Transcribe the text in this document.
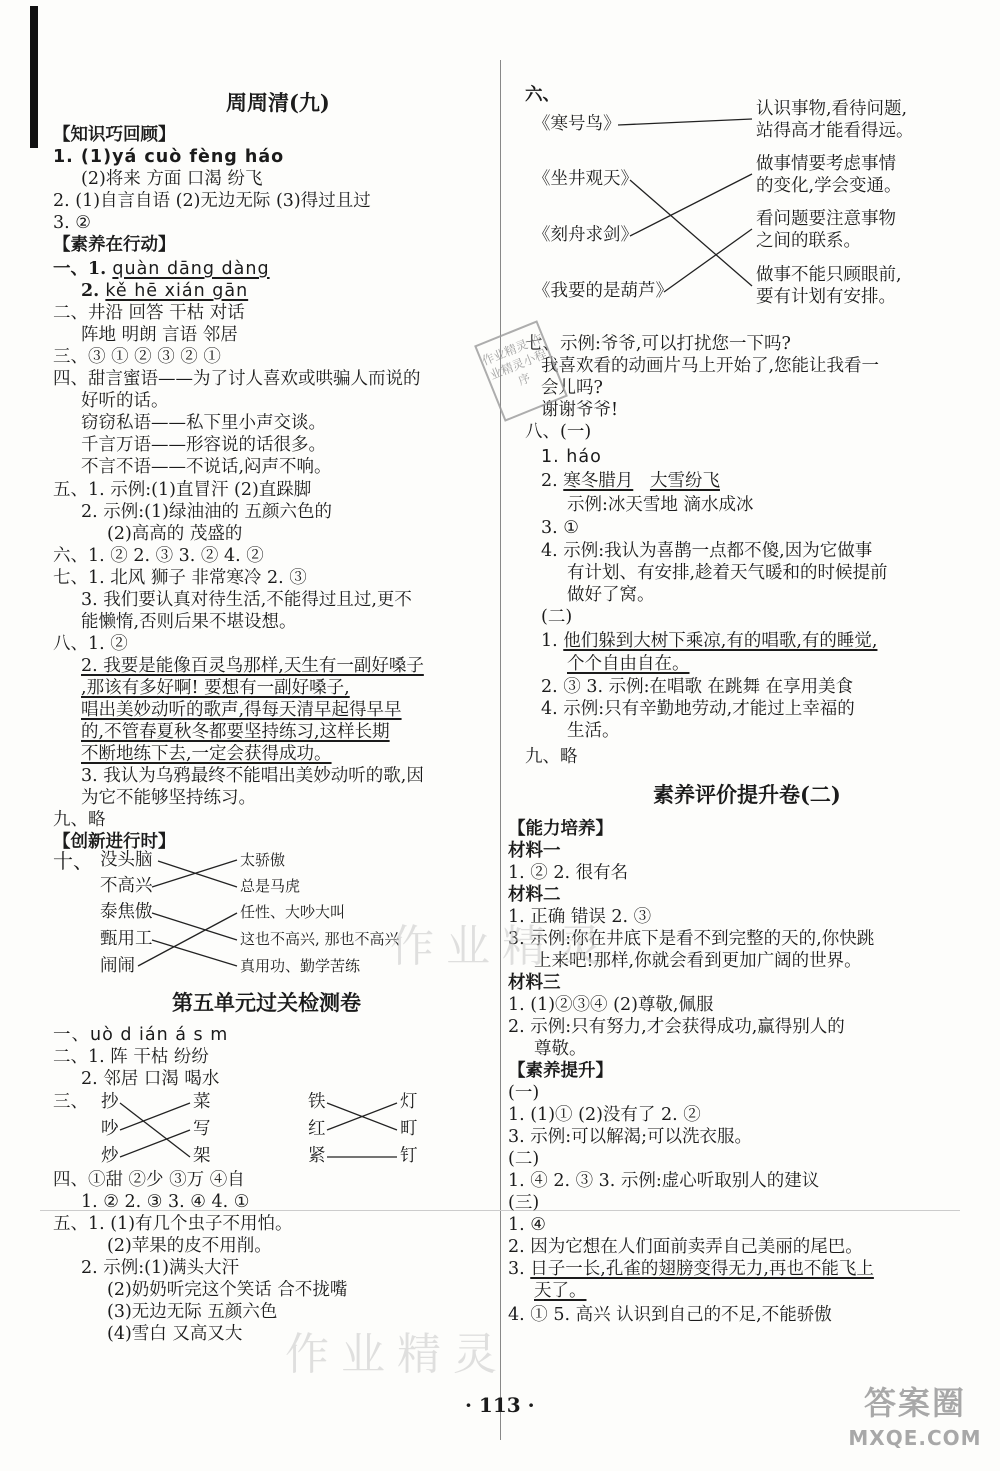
周周清(九)
【知识巧回顾】
1. (1)yá cuò fèng háo
(2)将来 方面 口渴 纷飞
2. (1)自言自语 (2)无边无际 (3)得过且过
3. ②
【素养在行动】
一、1. quàn dāng dàng
2. kě hē xián gān
二、井沿 回答 干枯 对话
阵地 明朗 言语 邻居
三、③ ① ② ③ ② ①
四、甜言蜜语——为了讨人喜欢或哄骗人而说的
好听的话。
窃窃私语——私下里小声交谈。
千言万语——形容说的话很多。
不言不语——不说话,闷声不响。
五、1. 示例:(1)直冒汗 (2)直跺脚
2. 示例:(1)绿油油的 五颜六色的
(2)高高的 茂盛的
六、1. ② 2. ③ 3. ② 4. ②
七、1. 北风 狮子 非常寒冷 2. ③
3. 我们要认真对待生活,不能得过且过,更不
能懒惰,否则后果不堪设想。
八、1. ②
2. 我要是能像百灵鸟那样,天生有一副好嗓子
,那该有多好啊! 要想有一副好嗓子,
唱出美妙动听的歌声,得每天清早起得早早
的,不管春夏秋冬都要坚持练习,这样长期
不断地练下去,一定会获得成功。
3. 我认为乌鸦最终不能唱出美妙动听的歌,因
为它不能够坚持练习。
九、略
【创新进行时】
十、 没头脑
不高兴
泰焦傲
甄用工
闹闹
太骄傲
总是马虎
任性、大吵大叫
这也不高兴, 那也不高兴
真用功、勤学苦练
第五单元过关检测卷
一、uò d ián á s m
二、1. 阵 干枯 纷纷
2. 邻居 口渴 喝水
三、 抄
吵
炒
菜
写
架
铁
红
紧
灯
町
钉
四、①甜 ②少 ③万 ④自
1. ② 2. ③ 3. ④ 4. ①
五、1. (1)有几个虫子不用怕。
(2)苹果的皮不用削。
2. 示例:(1)满头大汗
(2)奶奶听完这个笑话 合不拢嘴
(3)无边无际 五颜六色
(4)雪白 又高又大
六、
《寒号鸟》
《坐井观天》
《刻舟求剑》
《我要的是葫芦》
认识事物,看待问题,
站得高才能看得远。
做事情要考虑事情
的变化,学会变通。
看问题要注意事物
之间的联系。
做事不能只顾眼前,
要有计划有安排。
七、示例:爷爷,可以打扰您一下吗?
我喜欢看的动画片马上开始了,您能让我看一
会儿吗?
谢谢爷爷!
八、(一)
1. háo
2. 寒冬腊月 大雪纷飞
示例:冰天雪地 滴水成冰
3. ①
4. 示例:我认为喜鹊一点都不傻,因为它做事
有计划、有安排,趁着天气暖和的时候提前
做好了窝。
(二)
1. 他们躲到大树下乘凉,有的唱歌,有的睡觉,
个个自由自在。
2. ③ 3. 示例:在唱歌 在跳舞 在享用美食
4. 示例:只有辛勤地劳动,才能过上幸福的
生活。
九、略
素养评价提升卷(二)
【能力培养】
材料一
1. ② 2. 很有名
材料二
1. 正确 错误 2. ③
3. 示例:你在井底下是看不到完整的天的,你快跳
上来吧!那样,你就会看到更加广阔的世界。
材料三
1. (1)②③④ (2)尊敬,佩服
2. 示例:只有努力,才会获得成功,赢得别人的
尊敬。
【素养提升】
(一)
1. (1)① (2)没有了 2. ②
3. 示例:可以解渴;可以洗衣服。
(二)
1. ④ 2. ③ 3. 示例:虚心听取别人的建议
(三)
1. ④
2. 因为它想在人们面前卖弄自己美丽的尾巴。
3. 日子一长,孔雀的翅膀变得无力,再也不能飞上
天了。
4. ① 5. 高兴 认识到自己的不足,不能骄傲
作业精灵 作业精灵小程序
作业精灵
作业精灵
· 113 ·	答案圈
MXQE.COM
